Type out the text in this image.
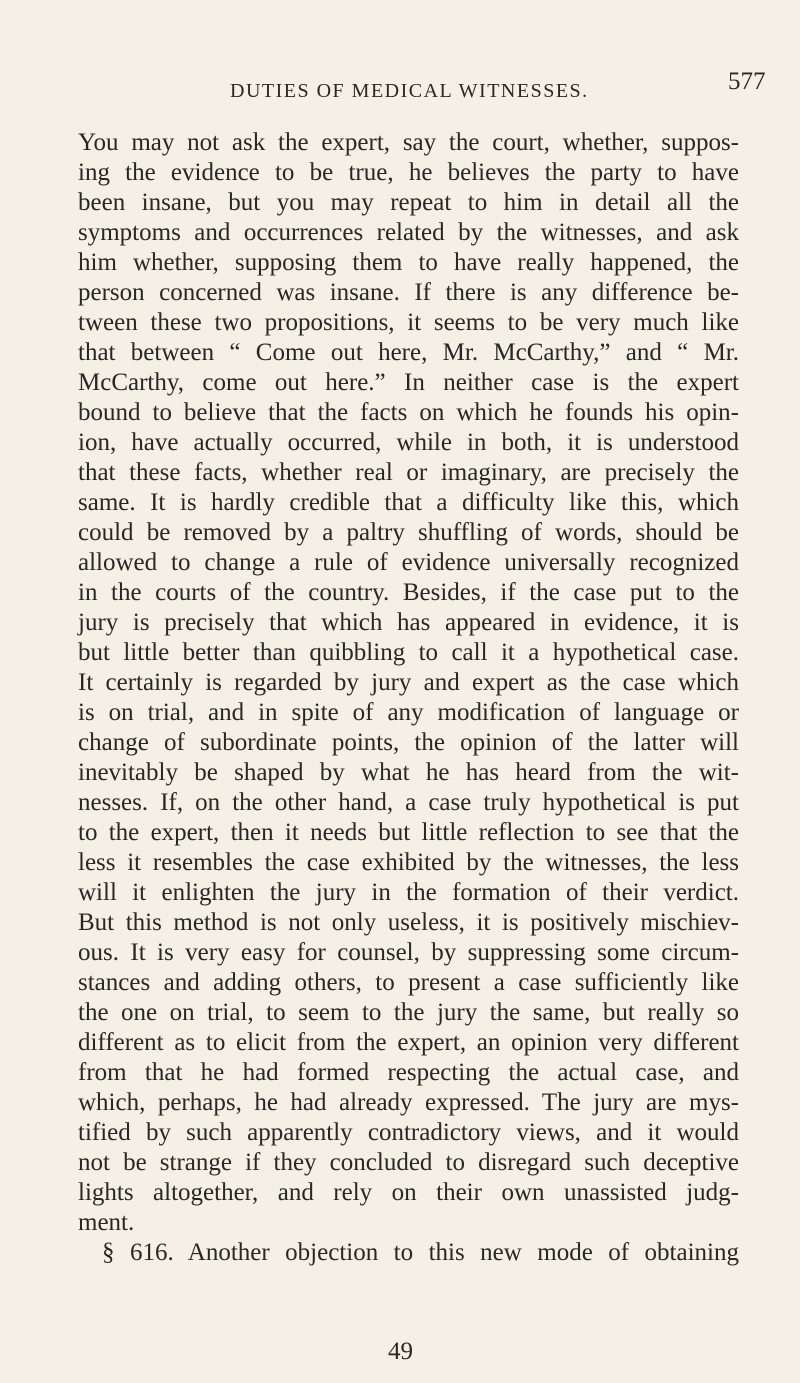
DUTIES OF MEDICAL WITNESSES.	577
You may not ask the expert, say the court, whether, suppos-
ing the evidence to be true, he believes the party to have
been insane, but you may repeat to him in detail all the
symptoms and occurrences related by the witnesses, and ask
him whether, supposing them to have really happened, the
person concerned was insane. If there is any difference be-
tween these two propositions, it seems to be very much like
that between “ Come out here, Mr. McCarthy,” and “ Mr.
McCarthy, come out here.” In neither case is the expert
bound to believe that the facts on which he founds his opin-
ion, have actually occurred, while in both, it is understood
that these facts, whether real or imaginary, are precisely the
same. It is hardly credible that a difficulty like this, which
could be removed by a paltry shuffling of words, should be
allowed to change a rule of evidence universally recognized
in the courts of the country. Besides, if the case put to the
jury is precisely that which has appeared in evidence, it is
but little better than quibbling to call it a hypothetical case.
It certainly is regarded by jury and expert as the case which
is on trial, and in spite of any modification of language or
change of subordinate points, the opinion of the latter will
inevitably be shaped by what he has heard from the wit-
nesses. If, on the other hand, a case truly hypothetical is put
to the expert, then it needs but little reflection to see that the
less it resembles the case exhibited by the witnesses, the less
will it enlighten the jury in the formation of their verdict.
But this method is not only useless, it is positively mischiev-
ous. It is very easy for counsel, by suppressing some circum-
stances and adding others, to present a case sufficiently like
the one on trial, to seem to the jury the same, but really so
different as to elicit from the expert, an opinion very different
from that he had formed respecting the actual case, and
which, perhaps, he had already expressed. The jury are mys-
tified by such apparently contradictory views, and it would
not be strange if they concluded to disregard such deceptive
lights altogether, and rely on their own unassisted judg-
ment.
§ 616. Another objection to this new mode of obtaining
49
